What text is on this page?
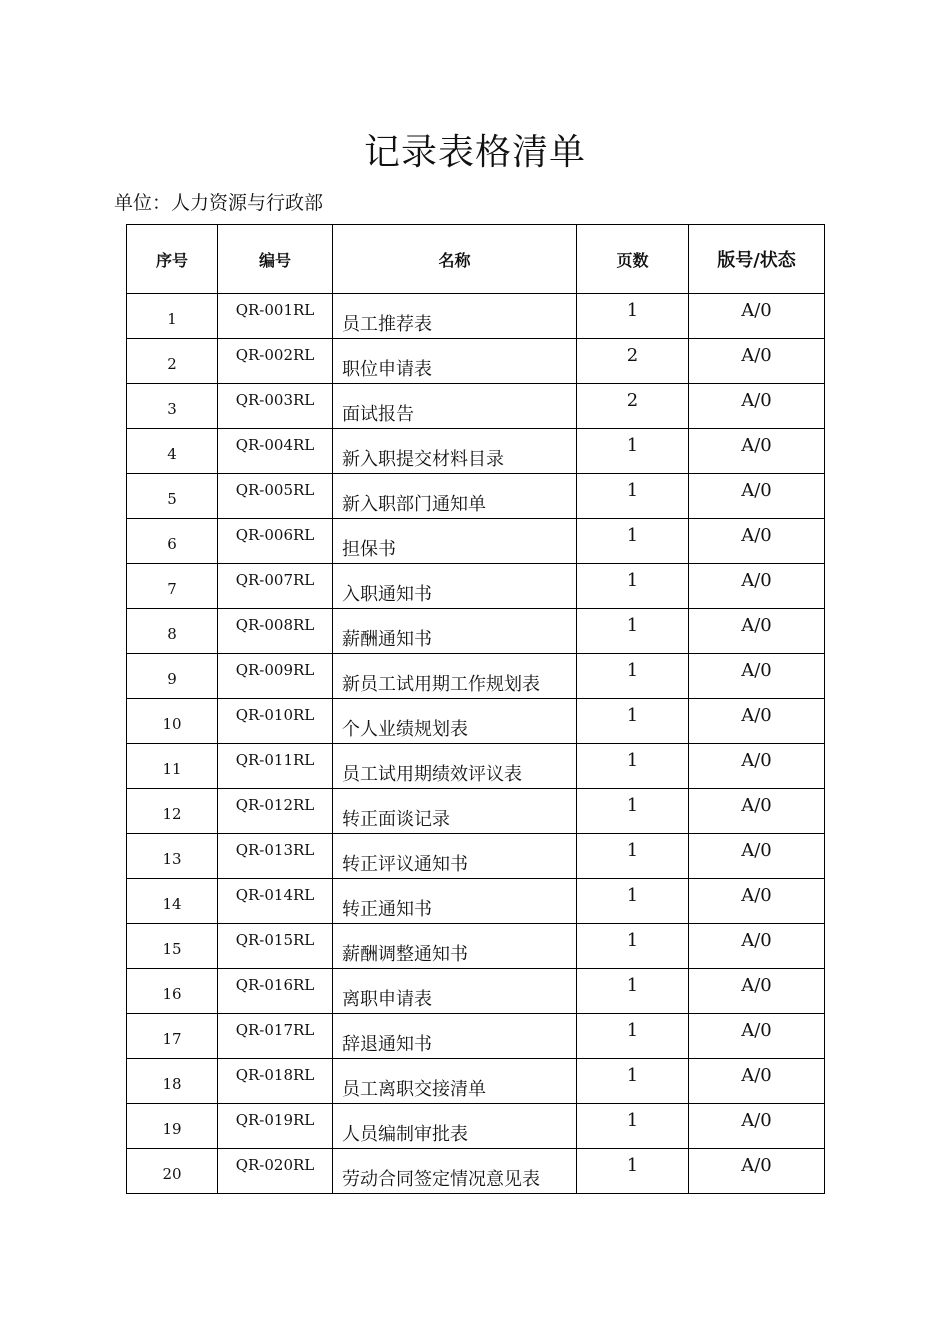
记录表格清单
单位：人力资源与行政部
序号	编号	名称	页数	版号/状态

1	QR-001RL	员工推荐表	1	A/0

2	QR-002RL	职位申请表	2	A/0

3	QR-003RL	面试报告	2	A/0

4	QR-004RL	新入职提交材料目录	1	A/0

5	QR-005RL	新入职部门通知单	1	A/0

6	QR-006RL	担保书	1	A/0

7	QR-007RL	入职通知书	1	A/0

8	QR-008RL	薪酬通知书	1	A/0

9	QR-009RL	新员工试用期工作规划表	1	A/0

10	QR-010RL	个人业绩规划表	1	A/0

11	QR-011RL	员工试用期绩效评议表	1	A/0

12	QR-012RL	转正面谈记录	1	A/0

13	QR-013RL	转正评议通知书	1	A/0

14	QR-014RL	转正通知书	1	A/0

15	QR-015RL	薪酬调整通知书	1	A/0

16	QR-016RL	离职申请表	1	A/0

17	QR-017RL	辞退通知书	1	A/0

18	QR-018RL	员工离职交接清单	1	A/0

19	QR-019RL	人员编制审批表	1	A/0

20	QR-020RL	劳动合同签定情况意见表	1	A/0
